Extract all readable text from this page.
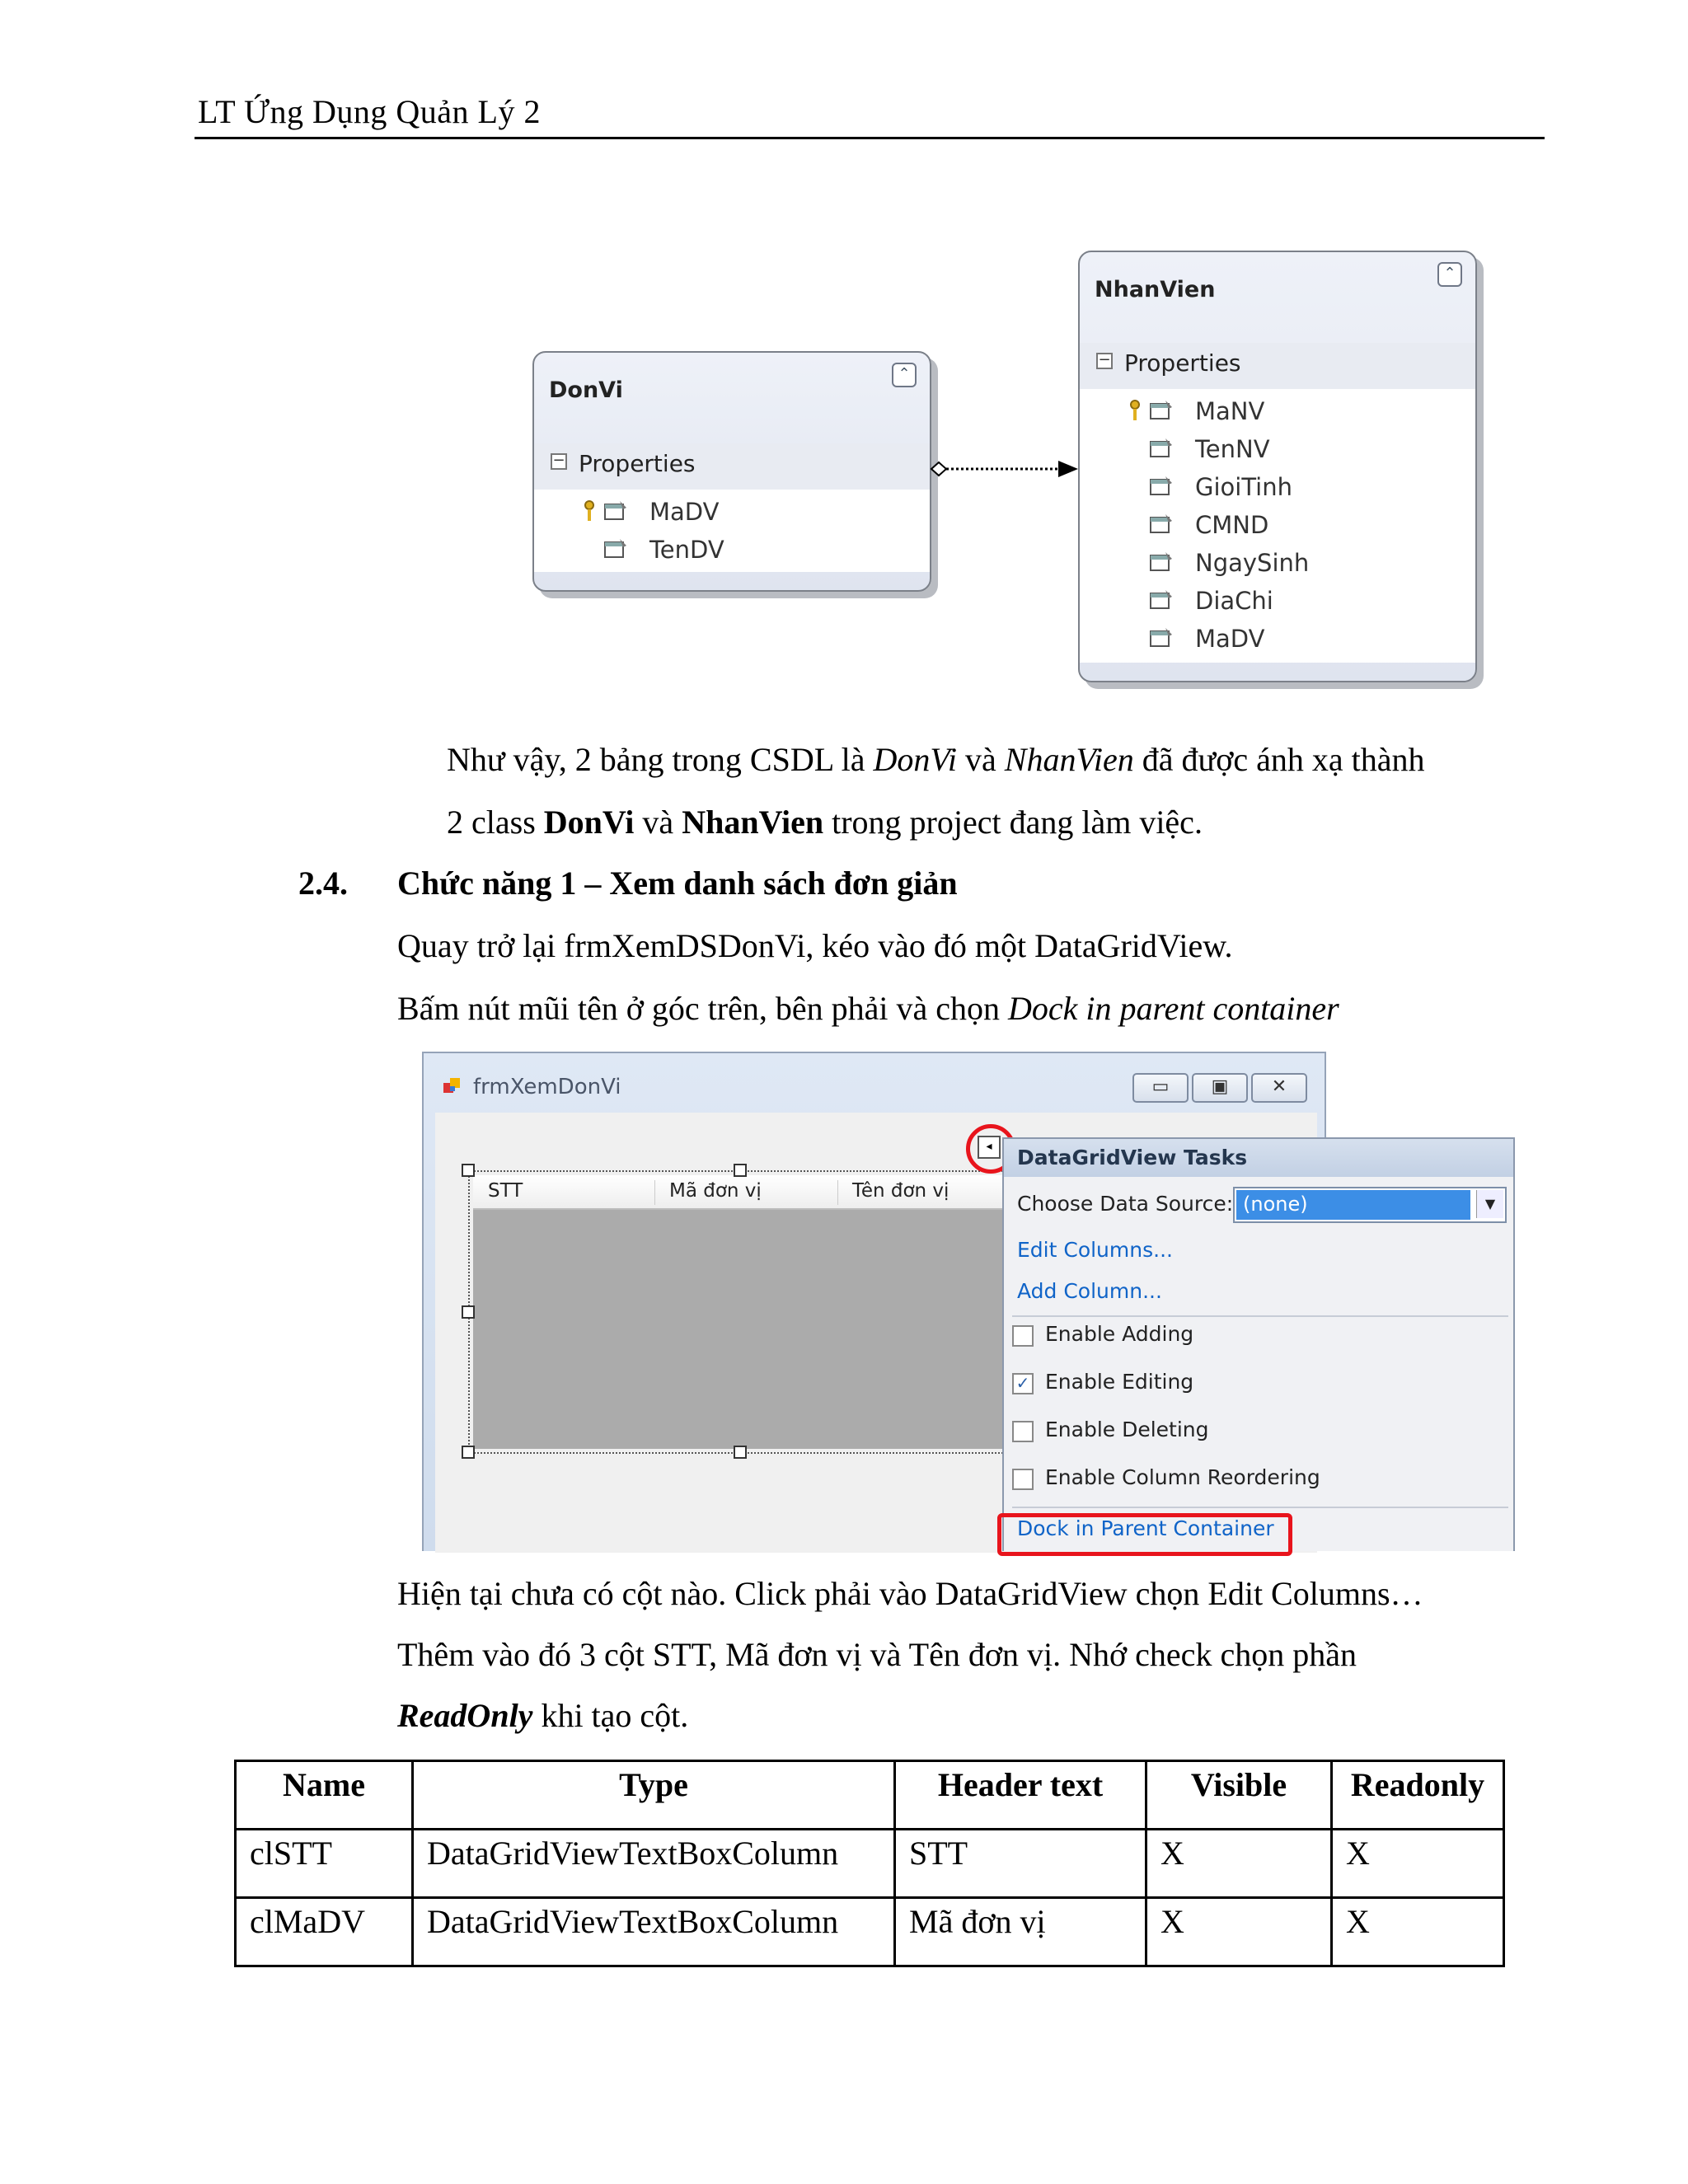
LT Ứng Dụng Quản Lý 2
DonVi
⌃
− Properties
MaDV
TenDV
NhanVien
⌃
− Properties
MaNV
TenNV
GioiTinh
CMND
NgaySinh
DiaChi
MaDV
Như vậy, 2 bảng trong CSDL là DonVi và NhanVien đã được ánh xạ thành
2 class DonVi và NhanVien trong project đang làm việc.
2.4. Chức năng 1 – Xem danh sách đơn giản
Quay trở lại frmXemDSDonVi, kéo vào đó một DataGridView.
Bấm nút mũi tên ở góc trên, bên phải và chọn Dock in parent container
frmXemDonVi	▭	▣	✕
STT	Mã đơn vị	Tên đơn vị
◂	DataGridView Tasks
Choose Data Source: (none)	▼
Edit Columns...
Add Column...
Enable Adding
✓ Enable Editing
Enable Deleting
Enable Column Reordering
Dock in Parent Container
Hiện tại chưa có cột nào. Click phải vào DataGridView chọn Edit Columns…
Thêm vào đó 3 cột STT, Mã đơn vị và Tên đơn vị. Nhớ check chọn phần
ReadOnly khi tạo cột.
Name	Type	Header text	Visible	Readonly
clSTT	DataGridViewTextBoxColumn	STT	X	X
clMaDV	DataGridViewTextBoxColumn	Mã đơn vị	X	X
